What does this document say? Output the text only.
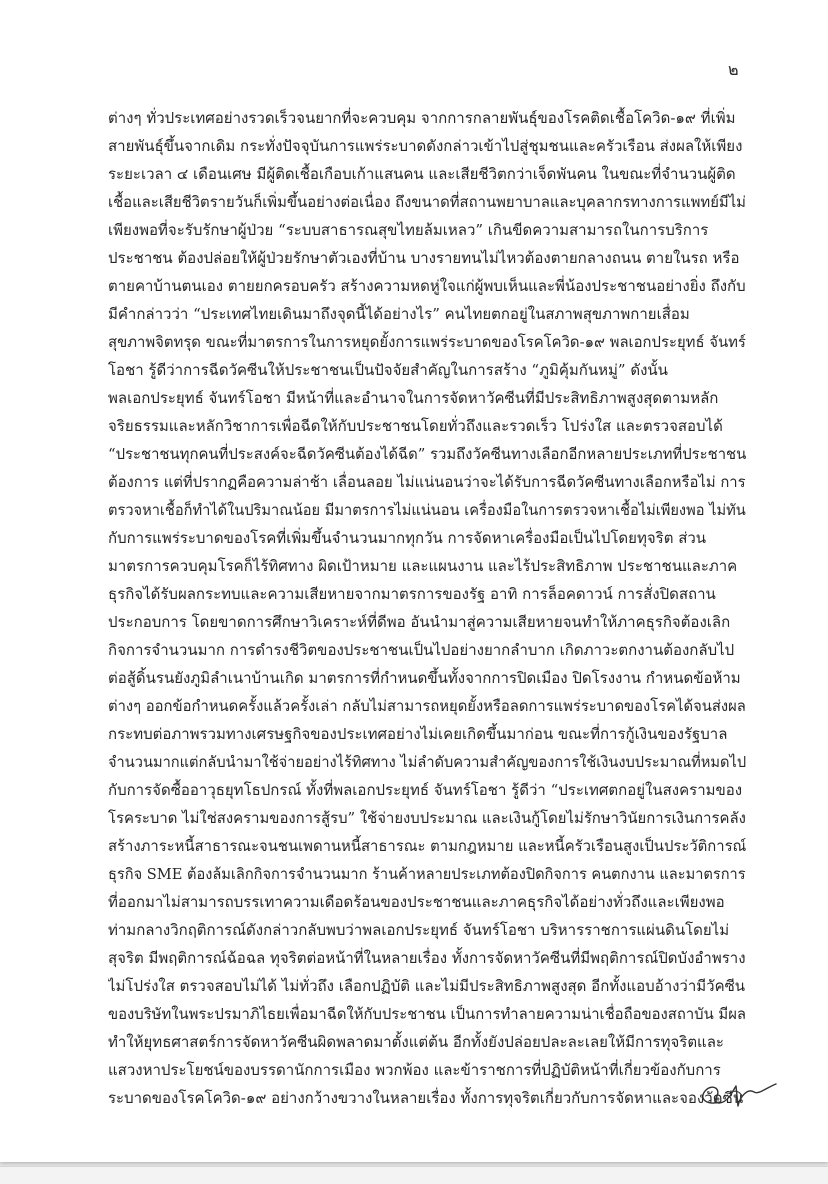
๒
ต่างๆ ทั่วประเทศอย่างรวดเร็วจนยากที่จะควบคุม จากการกลายพันธุ์ของโรคติดเชื้อโควิด-๑๙ ที่เพิ่ม
สายพันธุ์ขึ้นจากเดิม กระทั่งปัจจุบันการแพร่ระบาดดังกล่าวเข้าไปสู่ชุมชนและครัวเรือน ส่งผลให้เพียง
ระยะเวลา ๔ เดือนเศษ มีผู้ติดเชื้อเกือบเก้าแสนคน และเสียชีวิตกว่าเจ็ดพันคน ในขณะที่จำนวนผู้ติด
เชื้อและเสียชีวิตรายวันก็เพิ่มขึ้นอย่างต่อเนื่อง ถึงขนาดที่สถานพยาบาลและบุคลากรทางการแพทย์มีไม่
เพียงพอที่จะรับรักษาผู้ป่วย “ระบบสาธารณสุขไทยล้มเหลว” เกินขีดความสามารถในการบริการ
ประชาชน ต้องปล่อยให้ผู้ป่วยรักษาตัวเองที่บ้าน บางรายทนไม่ไหวต้องตายกลางถนน ตายในรถ หรือ
ตายคาบ้านตนเอง ตายยกครอบครัว สร้างความหดหู่ใจแก่ผู้พบเห็นและพี่น้องประชาชนอย่างยิ่ง ถึงกับ
มีคำกล่าวว่า “ประเทศไทยเดินมาถึงจุดนี้ได้อย่างไร” คนไทยตกอยู่ในสภาพสุขภาพกายเสื่อม
สุขภาพจิตทรุด ขณะที่มาตรการในการหยุดยั้งการแพร่ระบาดของโรคโควิด-๑๙ พลเอกประยุทธ์ จันทร์
โอชา รู้ดีว่าการฉีดวัคซีนให้ประชาชนเป็นปัจจัยสำคัญในการสร้าง “ภูมิคุ้มกันหมู่” ดังนั้น
พลเอกประยุทธ์ จันทร์โอชา มีหน้าที่และอำนาจในการจัดหาวัคซีนที่มีประสิทธิภาพสูงสุดตามหลัก
จริยธรรมและหลักวิชาการเพื่อฉีดให้กับประชาชนโดยทั่วถึงและรวดเร็ว โปร่งใส และตรวจสอบได้
“ประชาชนทุกคนที่ประสงค์จะฉีดวัคซีนต้องได้ฉีด” รวมถึงวัคซีนทางเลือกอีกหลายประเภทที่ประชาชน
ต้องการ แต่ที่ปรากฏคือความล่าช้า เลื่อนลอย ไม่แน่นอนว่าจะได้รับการฉีดวัคซีนทางเลือกหรือไม่ การ
ตรวจหาเชื้อก็ทำได้ในปริมาณน้อย มีมาตรการไม่แน่นอน เครื่องมือในการตรวจหาเชื้อไม่เพียงพอ ไม่ทัน
กับการแพร่ระบาดของโรคที่เพิ่มขึ้นจำนวนมากทุกวัน การจัดหาเครื่องมือเป็นไปโดยทุจริต ส่วน
มาตรการควบคุมโรคก็ไร้ทิศทาง ผิดเป้าหมาย และแผนงาน และไร้ประสิทธิภาพ ประชาชนและภาค
ธุรกิจได้รับผลกระทบและความเสียหายจากมาตรการของรัฐ อาทิ การล็อคดาวน์ การสั่งปิดสถาน
ประกอบการ โดยขาดการศึกษาวิเคราะห์ที่ดีพอ อันนำมาสู่ความเสียหายจนทำให้ภาคธุรกิจต้องเลิก
กิจการจำนวนมาก การดำรงชีวิตของประชาชนเป็นไปอย่างยากลำบาก เกิดภาวะตกงานต้องกลับไป
ต่อสู้ดิ้นรนยังภูมิลำเนาบ้านเกิด มาตรการที่กำหนดขึ้นทั้งจากการปิดเมือง ปิดโรงงาน กำหนดข้อห้าม
ต่างๆ ออกข้อกำหนดครั้งแล้วครั้งเล่า กลับไม่สามารถหยุดยั้งหรือลดการแพร่ระบาดของโรคได้จนส่งผล
กระทบต่อภาพรวมทางเศรษฐกิจของประเทศอย่างไม่เคยเกิดขึ้นมาก่อน ขณะที่การกู้เงินของรัฐบาล
จำนวนมากแต่กลับนำมาใช้จ่ายอย่างไร้ทิศทาง ไม่ลำดับความสำคัญของการใช้เงินงบประมาณที่หมดไป
กับการจัดซื้ออาวุธยุทโธปกรณ์ ทั้งที่พลเอกประยุทธ์ จันทร์โอชา รู้ดีว่า “ประเทศตกอยู่ในสงครามของ
โรคระบาด ไม่ใช่สงครามของการสู้รบ” ใช้จ่ายงบประมาณ และเงินกู้โดยไม่รักษาวินัยการเงินการคลัง
สร้างภาระหนี้สาธารณะจนชนเพดานหนี้สาธารณะ ตามกฎหมาย และหนี้ครัวเรือนสูงเป็นประวัติการณ์
ธุรกิจ SME ต้องล้มเลิกกิจการจำนวนมาก ร้านค้าหลายประเภทต้องปิดกิจการ คนตกงาน และมาตรการ
ที่ออกมาไม่สามารถบรรเทาความเดือดร้อนของประชาชนและภาคธุรกิจได้อย่างทั่วถึงและเพียงพอ
ท่ามกลางวิกฤติการณ์ดังกล่าวกลับพบว่าพลเอกประยุทธ์ จันทร์โอชา บริหารราชการแผ่นดินโดยไม่
สุจริต มีพฤติการณ์ฉ้อฉล ทุจริตต่อหน้าที่ในหลายเรื่อง ทั้งการจัดหาวัคซีนที่มีพฤติการณ์ปิดบังอำพราง
ไม่โปร่งใส ตรวจสอบไม่ได้ ไม่ทั่วถึง เลือกปฏิบัติ และไม่มีประสิทธิภาพสูงสุด อีกทั้งแอบอ้างว่ามีวัคซีน
ของบริษัทในพระปรมาภิไธยเพื่อมาฉีดให้กับประชาชน เป็นการทำลายความน่าเชื่อถือของสถาบัน มีผล
ทำให้ยุทธศาสตร์การจัดหาวัคซีนผิดพลาดมาตั้งแต่ต้น อีกทั้งยังปล่อยปละละเลยให้มีการทุจริตและ
แสวงหาประโยชน์ของบรรดานักการเมือง พวกพ้อง และข้าราชการที่ปฏิบัติหน้าที่เกี่ยวข้องกับการ
ระบาดของโรคโควิด-๑๙ อย่างกว้างขวางในหลายเรื่อง ทั้งการทุจริตเกี่ยวกับการจัดหาและจองวัคซีน
